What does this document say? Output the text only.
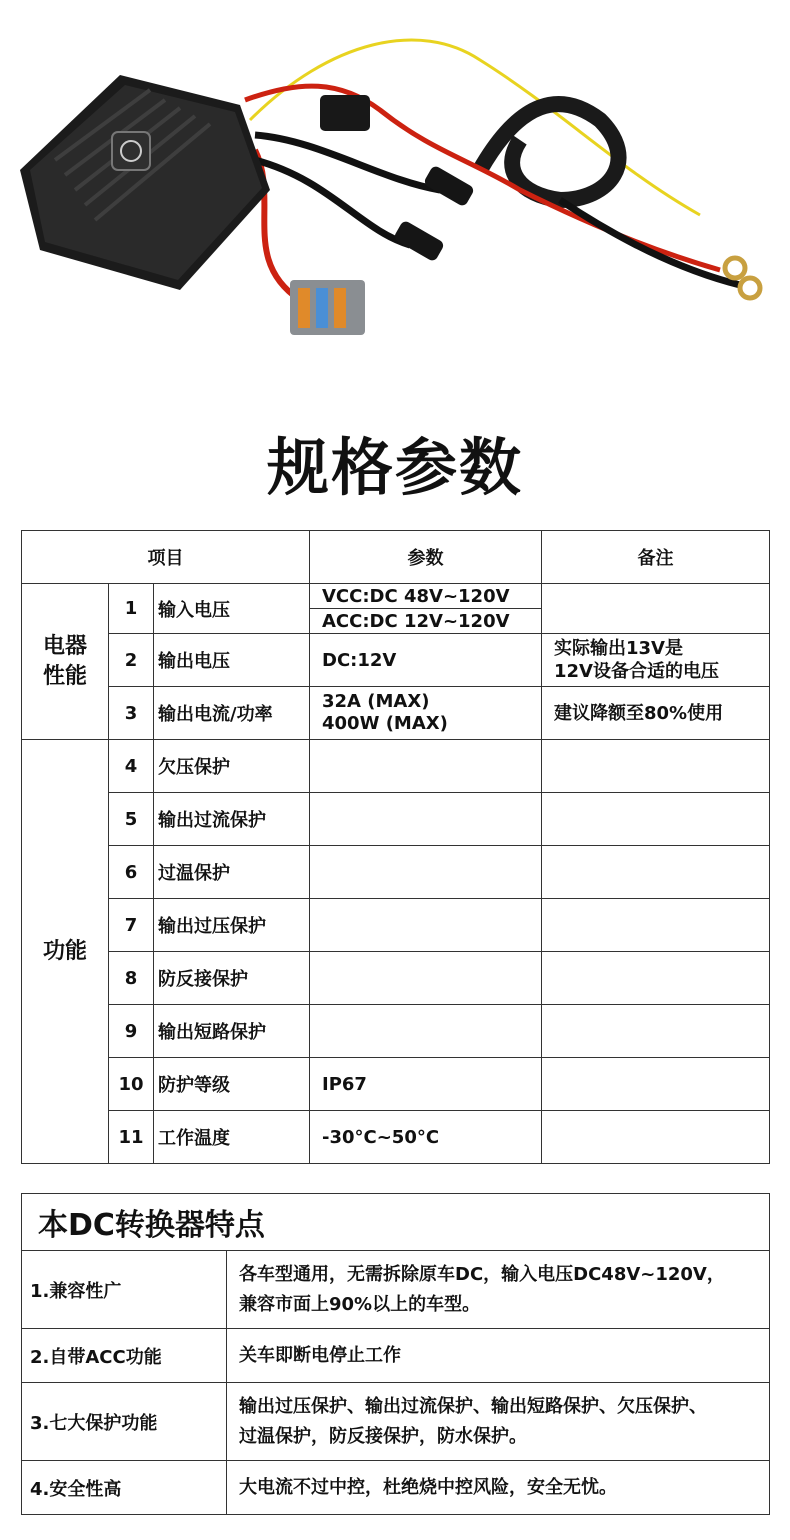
规格参数
项目			参数	备注

电器
性能	1	输入电压	VCC:DC 48V~120V	
			ACC:DC 12V~120V	
	2	输出电压	DC:12V	实际输出13V是
12V设备合适的电压

	3	输出电流/功率	32A (MAX)
400W (MAX)	建议降额至80%使用
功能	4	欠压保护		
	5	输出过流保护		
	6	过温保护		
	7	输出过压保护		
	8	防反接保护		
	9	输出短路保护		
	10	防护等级	IP67	
	11	工作温度	-30°C~50°C	
本DC转换器特点	
1.兼容性广	各车型通用，无需拆除原车DC，输入电压DC48V~120V，
兼容市面上90%以上的车型。

2.自带ACC功能	关车即断电停止工作
3.七大保护功能	输出过压保护、输出过流保护、输出短路保护、欠压保护、
过温保护，防反接保护，防水保护。

4.安全性高	大电流不过中控，杜绝烧中控风险，安全无忧。
